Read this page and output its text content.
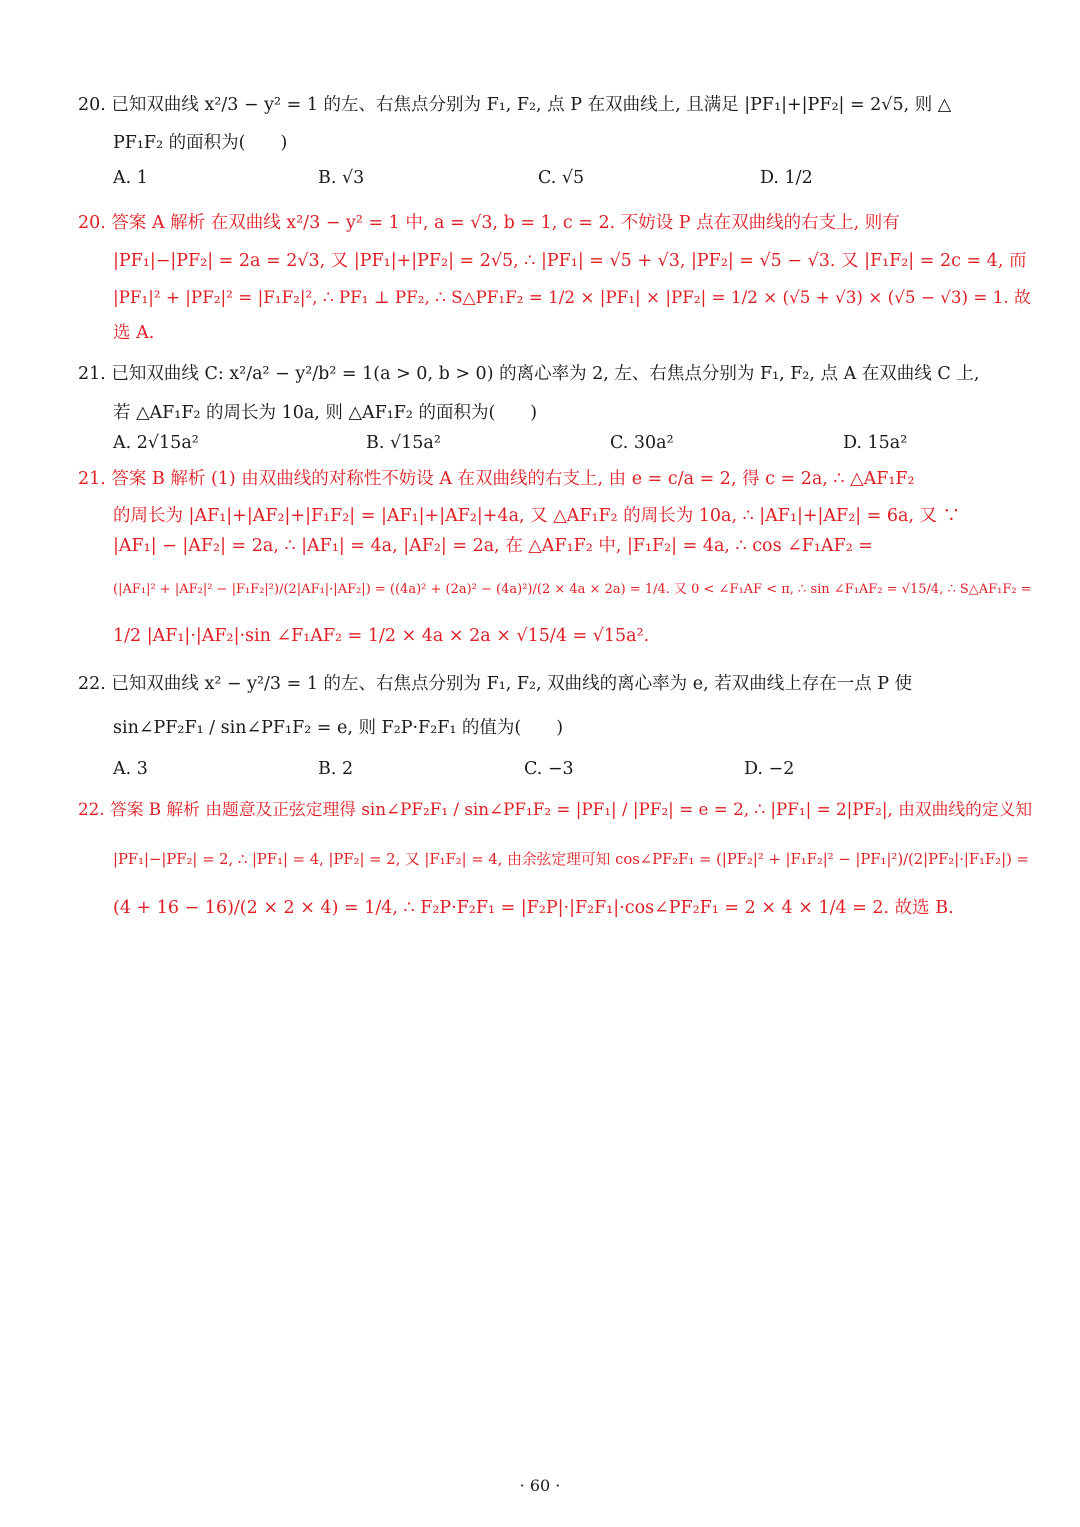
20. 已知双曲线 x²/3 − y² = 1 的左、右焦点分别为 F₁, F₂, 点 P 在双曲线上, 且满足 |PF₁|+|PF₂| = 2√5, 则 △
PF₁F₂ 的面积为(　　)
A. 1	B. √3	C. √5	D. 1/2
20. 答案 A 解析 在双曲线 x²/3 − y² = 1 中, a = √3, b = 1, c = 2. 不妨设 P 点在双曲线的右支上, 则有
|PF₁|−|PF₂| = 2a = 2√3, 又 |PF₁|+|PF₂| = 2√5, ∴ |PF₁| = √5 + √3, |PF₂| = √5 − √3. 又 |F₁F₂| = 2c = 4, 而
|PF₁|² + |PF₂|² = |F₁F₂|², ∴ PF₁ ⊥ PF₂, ∴ S△PF₁F₂ = 1/2 × |PF₁| × |PF₂| = 1/2 × (√5 + √3) × (√5 − √3) = 1. 故
选 A.
21. 已知双曲线 C: x²/a² − y²/b² = 1(a > 0, b > 0) 的离心率为 2, 左、右焦点分别为 F₁, F₂, 点 A 在双曲线 C 上,
若 △AF₁F₂ 的周长为 10a, 则 △AF₁F₂ 的面积为(　　)
A. 2√15a²	B. √15a²	C. 30a²	D. 15a²
21. 答案 B 解析 (1) 由双曲线的对称性不妨设 A 在双曲线的右支上, 由 e = c/a = 2, 得 c = 2a, ∴ △AF₁F₂
的周长为 |AF₁|+|AF₂|+|F₁F₂| = |AF₁|+|AF₂|+4a, 又 △AF₁F₂ 的周长为 10a, ∴ |AF₁|+|AF₂| = 6a, 又 ∵
|AF₁| − |AF₂| = 2a, ∴ |AF₁| = 4a, |AF₂| = 2a, 在 △AF₁F₂ 中, |F₁F₂| = 4a, ∴ cos ∠F₁AF₂ =
(|AF₁|² + |AF₂|² − |F₁F₂|²)/(2|AF₁|·|AF₂|) = ((4a)² + (2a)² − (4a)²)/(2 × 4a × 2a) = 1/4. 又 0 < ∠F₁AF < π, ∴ sin ∠F₁AF₂ = √15/4, ∴ S△AF₁F₂ =
1/2 |AF₁|·|AF₂|·sin ∠F₁AF₂ = 1/2 × 4a × 2a × √15/4 = √15a².
22. 已知双曲线 x² − y²/3 = 1 的左、右焦点分别为 F₁, F₂, 双曲线的离心率为 e, 若双曲线上存在一点 P 使
sin∠PF₂F₁ / sin∠PF₁F₂ = e, 则 F₂P·F₂F₁ 的值为(　　)
A. 3	B. 2	C. −3	D. −2
22. 答案 B 解析 由题意及正弦定理得 sin∠PF₂F₁ / sin∠PF₁F₂ = |PF₁| / |PF₂| = e = 2, ∴ |PF₁| = 2|PF₂|, 由双曲线的定义知
|PF₁|−|PF₂| = 2, ∴ |PF₁| = 4, |PF₂| = 2, 又 |F₁F₂| = 4, 由余弦定理可知 cos∠PF₂F₁ = (|PF₂|² + |F₁F₂|² − |PF₁|²)/(2|PF₂|·|F₁F₂|) =
(4 + 16 − 16)/(2 × 2 × 4) = 1/4, ∴ F₂P·F₂F₁ = |F₂P|·|F₂F₁|·cos∠PF₂F₁ = 2 × 4 × 1/4 = 2. 故选 B.
· 60 ·
